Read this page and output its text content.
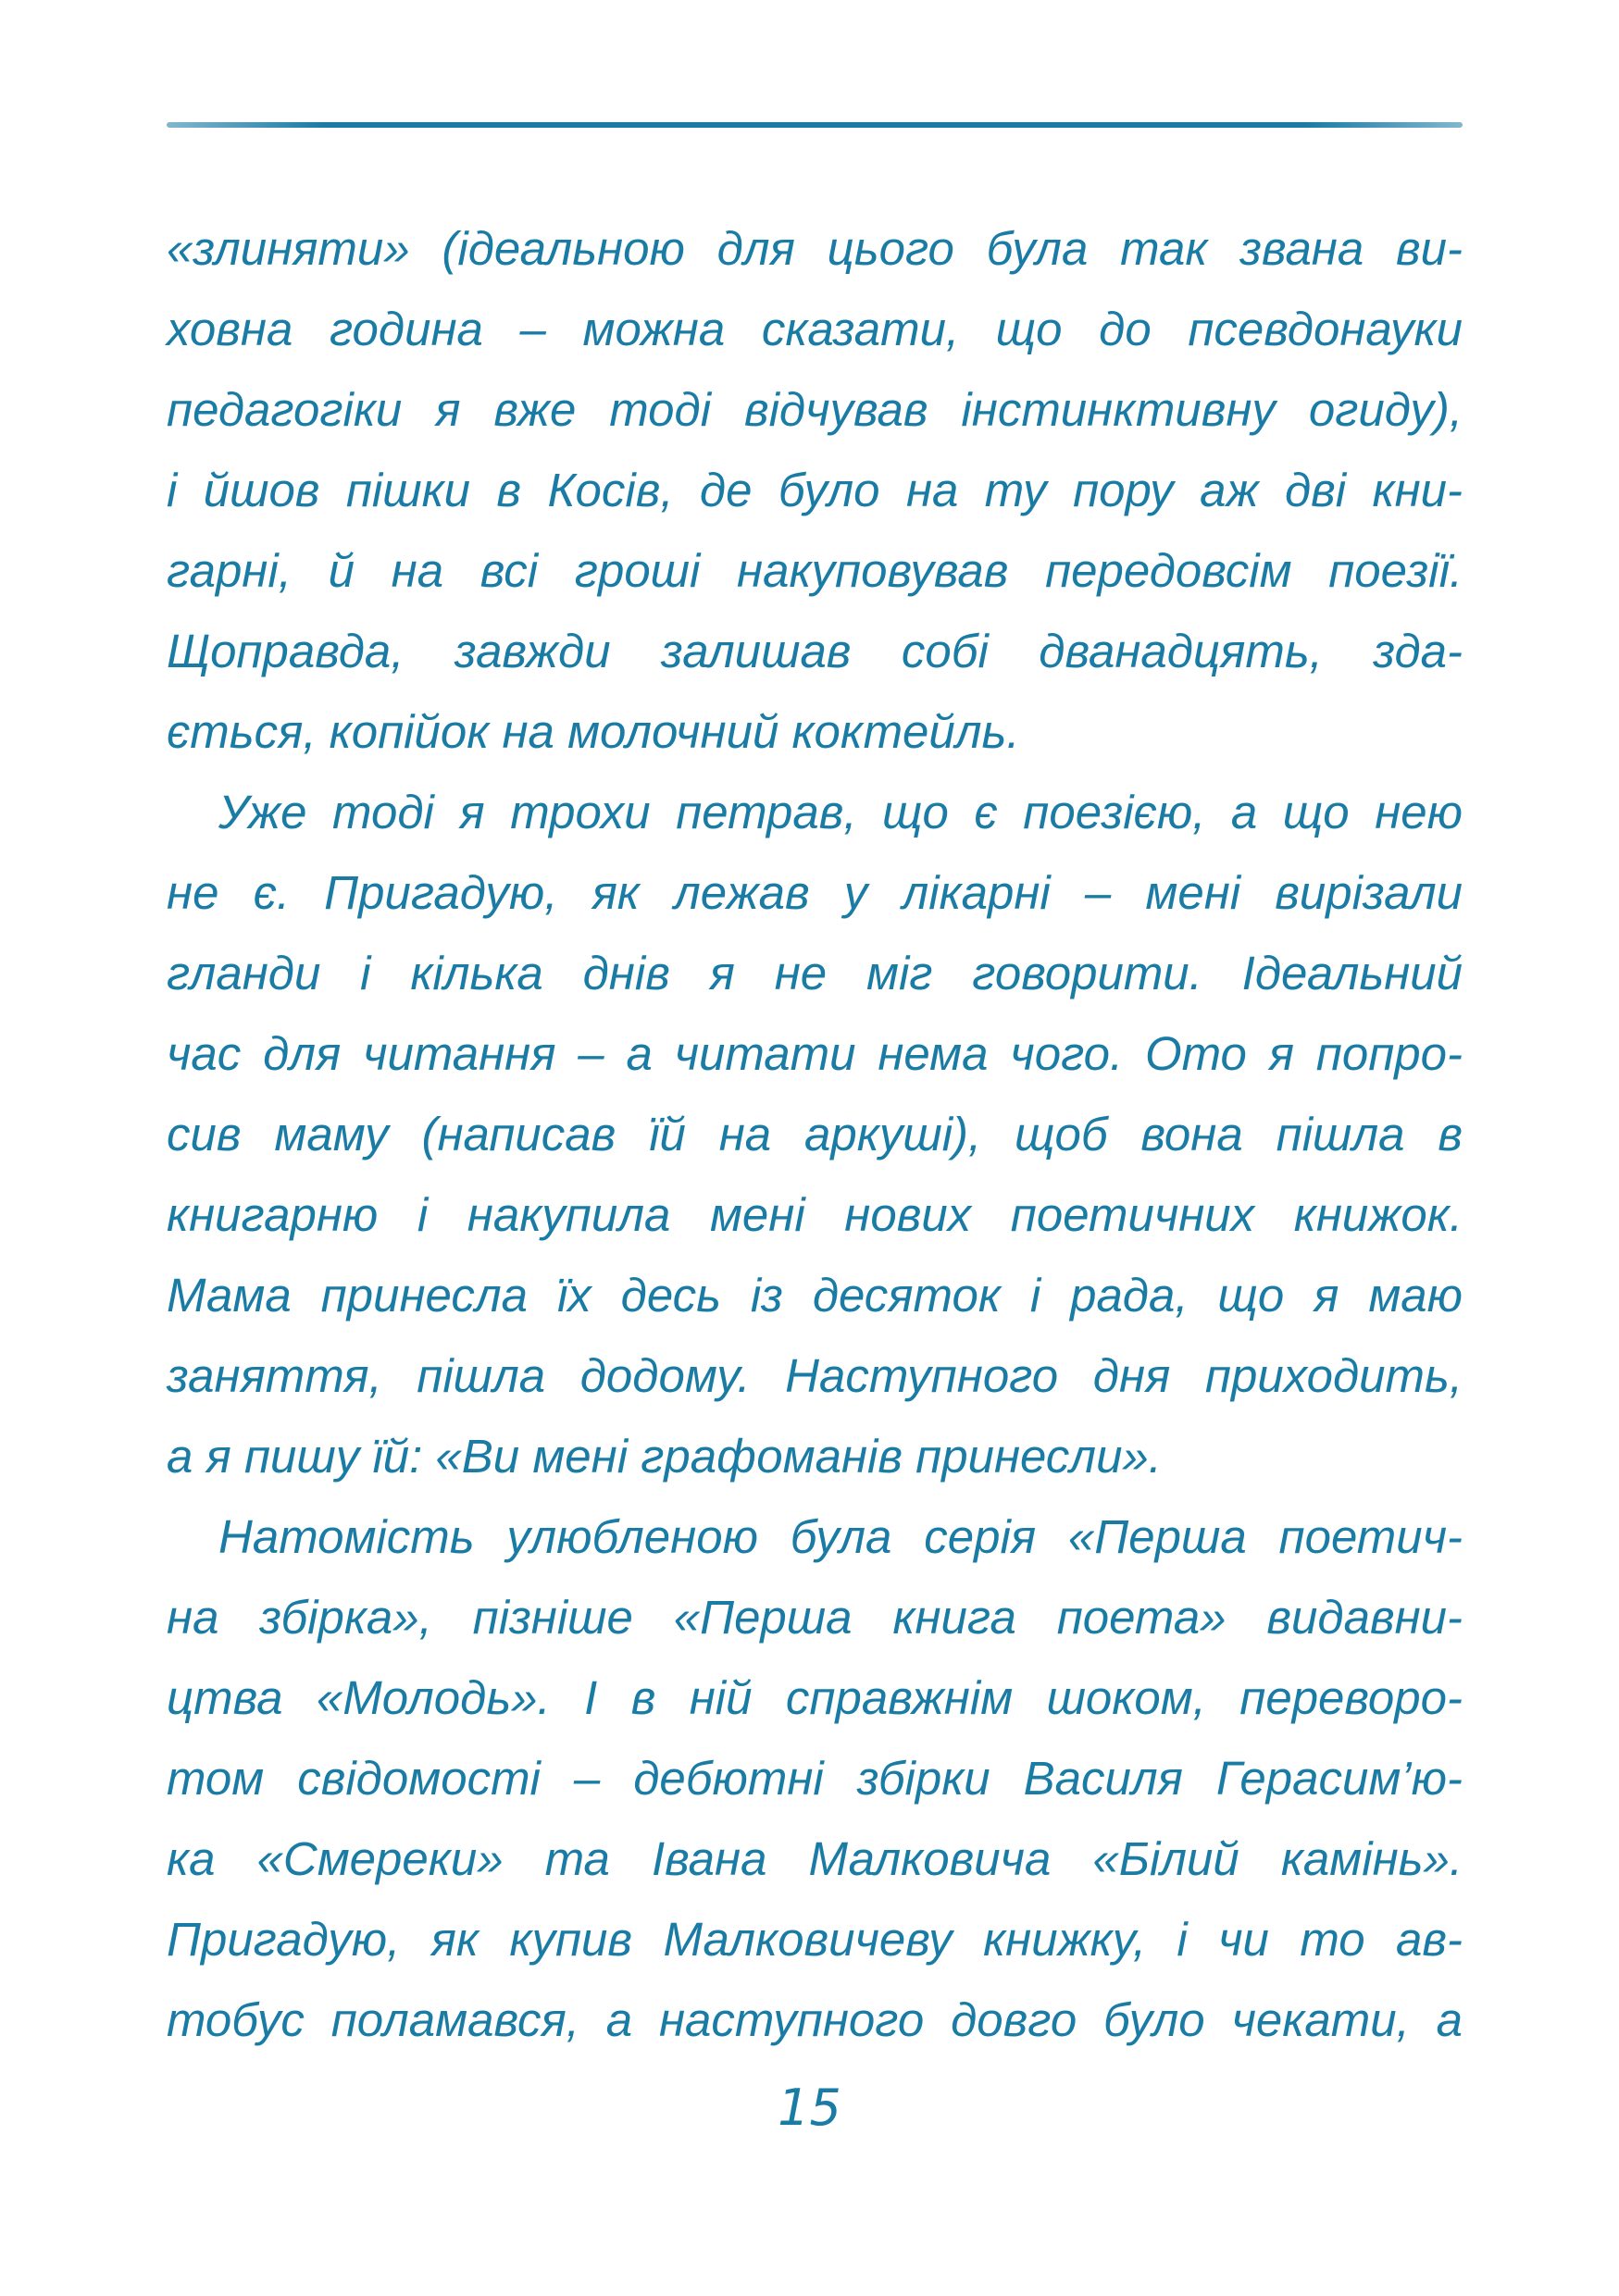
«злиняти» (ідеальною для цього була так звана ви-
ховна година – можна сказати, що до псевдонауки
педагогіки я вже тоді відчував інстинктивну огиду),
і йшов пішки в Косів, де було на ту пору аж дві кни-
гарні, й на всі гроші накуповував передовсім поезії.
Щоправда, завжди залишав собі дванадцять, зда-
ється, копійок на молочний коктейль.
Уже тоді я трохи петрав, що є поезією, а що нею
не є. Пригадую, як лежав у лікарні – мені вирізали
гланди і кілька днів я не міг говорити. Ідеальний
час для читання – а читати нема чого. Ото я попро-
сив маму (написав їй на аркуші), щоб вона пішла в
книгарню і накупила мені нових поетичних книжок.
Мама принесла їх десь із десяток і рада, що я маю
заняття, пішла додому. Наступного дня приходить,
а я пишу їй: «Ви мені графоманів принесли».
Натомість улюбленою була серія «Перша поетич-
на збірка», пізніше «Перша книга поета» видавни-
цтва «Молодь». І в ній справжнім шоком, переворо-
том свідомості – дебютні збірки Василя Герасим’ю-
ка «Смереки» та Івана Малковича «Білий камінь».
Пригадую, як купив Малковичеву книжку, і чи то ав-
тобус поламався, а наступного довго було чекати, а
15
